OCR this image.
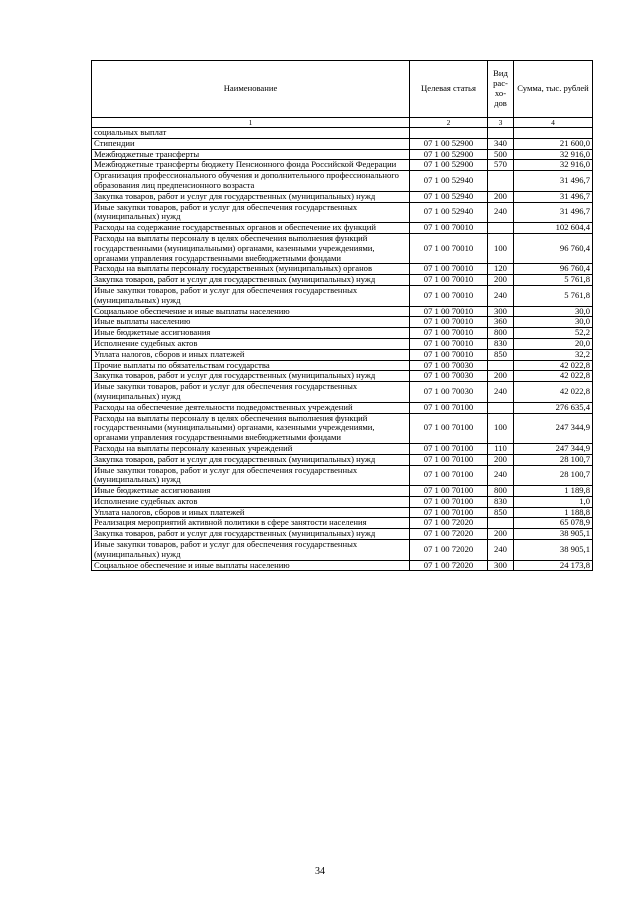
Наименование	Целевая статья	Вид рас-хо-дов	Сумма, тыс. рублей
1	2	3	4
социальных выплат			
Стипендии	07 1 00 52900	340	21 600,0
Межбюджетные трансферты	07 1 00 52900	500	32 916,0
Межбюджетные трансферты бюджету Пенсионного фонда Российской Федерации	07 1 00 52900	570	32 916,0
Организация профессионального обучения и дополнительного профессионального образования лиц предпенсионного возраста	07 1 00 52940		31 496,7
Закупка товаров, работ и услуг для государственных (муниципальных) нужд	07 1 00 52940	200	31 496,7
Иные закупки товаров, работ и услуг для обеспечения государственных (муниципальных) нужд	07 1 00 52940	240	31 496,7
Расходы на содержание государственных органов и обеспечение их функций	07 1 00 70010		102 604,4
Расходы на выплаты персоналу в целях обеспечения выполнения функций государственными (муниципальными) органами, казенными учреждениями, органами управления государственными внебюджетными фондами	07 1 00 70010	100	96 760,4
Расходы на выплаты персоналу государственных (муниципальных) органов	07 1 00 70010	120	96 760,4
Закупка товаров, работ и услуг для государственных (муниципальных) нужд	07 1 00 70010	200	5 761,8
Иные закупки товаров, работ и услуг для обеспечения государственных (муниципальных) нужд	07 1 00 70010	240	5 761,8
Социальное обеспечение и иные выплаты населению	07 1 00 70010	300	30,0
Иные выплаты населению	07 1 00 70010	360	30,0
Иные бюджетные ассигнования	07 1 00 70010	800	52,2
Исполнение судебных актов	07 1 00 70010	830	20,0
Уплата налогов, сборов и иных платежей	07 1 00 70010	850	32,2
Прочие выплаты по обязательствам государства	07 1 00 70030		42 022,8
Закупка товаров, работ и услуг для государственных (муниципальных) нужд	07 1 00 70030	200	42 022,8
Иные закупки товаров, работ и услуг для обеспечения государственных (муниципальных) нужд	07 1 00 70030	240	42 022,8
Расходы на обеспечение деятельности подведомственных учреждений	07 1 00 70100		276 635,4
Расходы на выплаты персоналу в целях обеспечения выполнения функций государственными (муниципальными) органами, казенными учреждениями, органами управления государственными внебюджетными фондами	07 1 00 70100	100	247 344,9
Расходы на выплаты персоналу казенных учреждений	07 1 00 70100	110	247 344,9
Закупка товаров, работ и услуг для государственных (муниципальных) нужд	07 1 00 70100	200	28 100,7
Иные закупки товаров, работ и услуг для обеспечения государственных (муниципальных) нужд	07 1 00 70100	240	28 100,7
Иные бюджетные ассигнования	07 1 00 70100	800	1 189,8
Исполнение судебных актов	07 1 00 70100	830	1,0
Уплата налогов, сборов и иных платежей	07 1 00 70100	850	1 188,8
Реализация мероприятий активной политики в сфере занятости населения	07 1 00 72020		65 078,9
Закупка товаров, работ и услуг для государственных (муниципальных) нужд	07 1 00 72020	200	38 905,1
Иные закупки товаров, работ и услуг для обеспечения государственных (муниципальных) нужд	07 1 00 72020	240	38 905,1
Социальное обеспечение и иные выплаты населению	07 1 00 72020	300	24 173,8
34
